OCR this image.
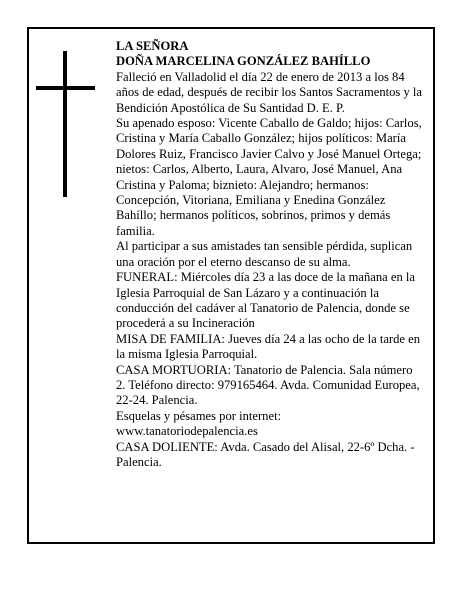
LA SEÑORA

DOÑA MARCELINA GONZÁLEZ BAHÍLLO

Falleció en Valladolid el día 22 de enero de 2013 a los 84 años de edad, después de recibir los Santos Sacramentos y la Bendición Apostólica de Su Santidad D. E. P.

Su apenado esposo: Vicente Caballo de Galdo; hijos: Carlos, Cristina y María Caballo González; hijos políticos: María Dolores Ruiz, Francisco Javier Calvo y José Manuel Ortega; nietos: Carlos, Alberto, Laura, Alvaro, José Manuel, Ana Cristina y Paloma; biznieto: Alejandro; hermanos: Concepción, Vitoriana, Emiliana y Enedina González Bahíllo; hermanos políticos, sobrinos, primos y demás familia.

Al participar a sus amistades tan sensible pérdida, suplican una oración por el eterno descanso de su alma.

FUNERAL: Miércoles día 23 a las doce de la mañana en la Iglesia Parroquial de San Lázaro y a continuación la conducción del cadáver al Tanatorio de Palencia, donde se procederá a su Incineración

MISA DE FAMILIA: Jueves día 24 a las ocho de la tarde en la misma Iglesia Parroquial.

CASA MORTUORIA: Tanatorio de Palencia. Sala número 2. Teléfono directo: 979165464. Avda. Comunidad Europea, 22-24. Palencia.

Esquelas y pésames por internet: www.tanatoriodepalencia.es

CASA DOLIENTE: Avda. Casado del Alisal, 22-6º Dcha. - Palencia.
